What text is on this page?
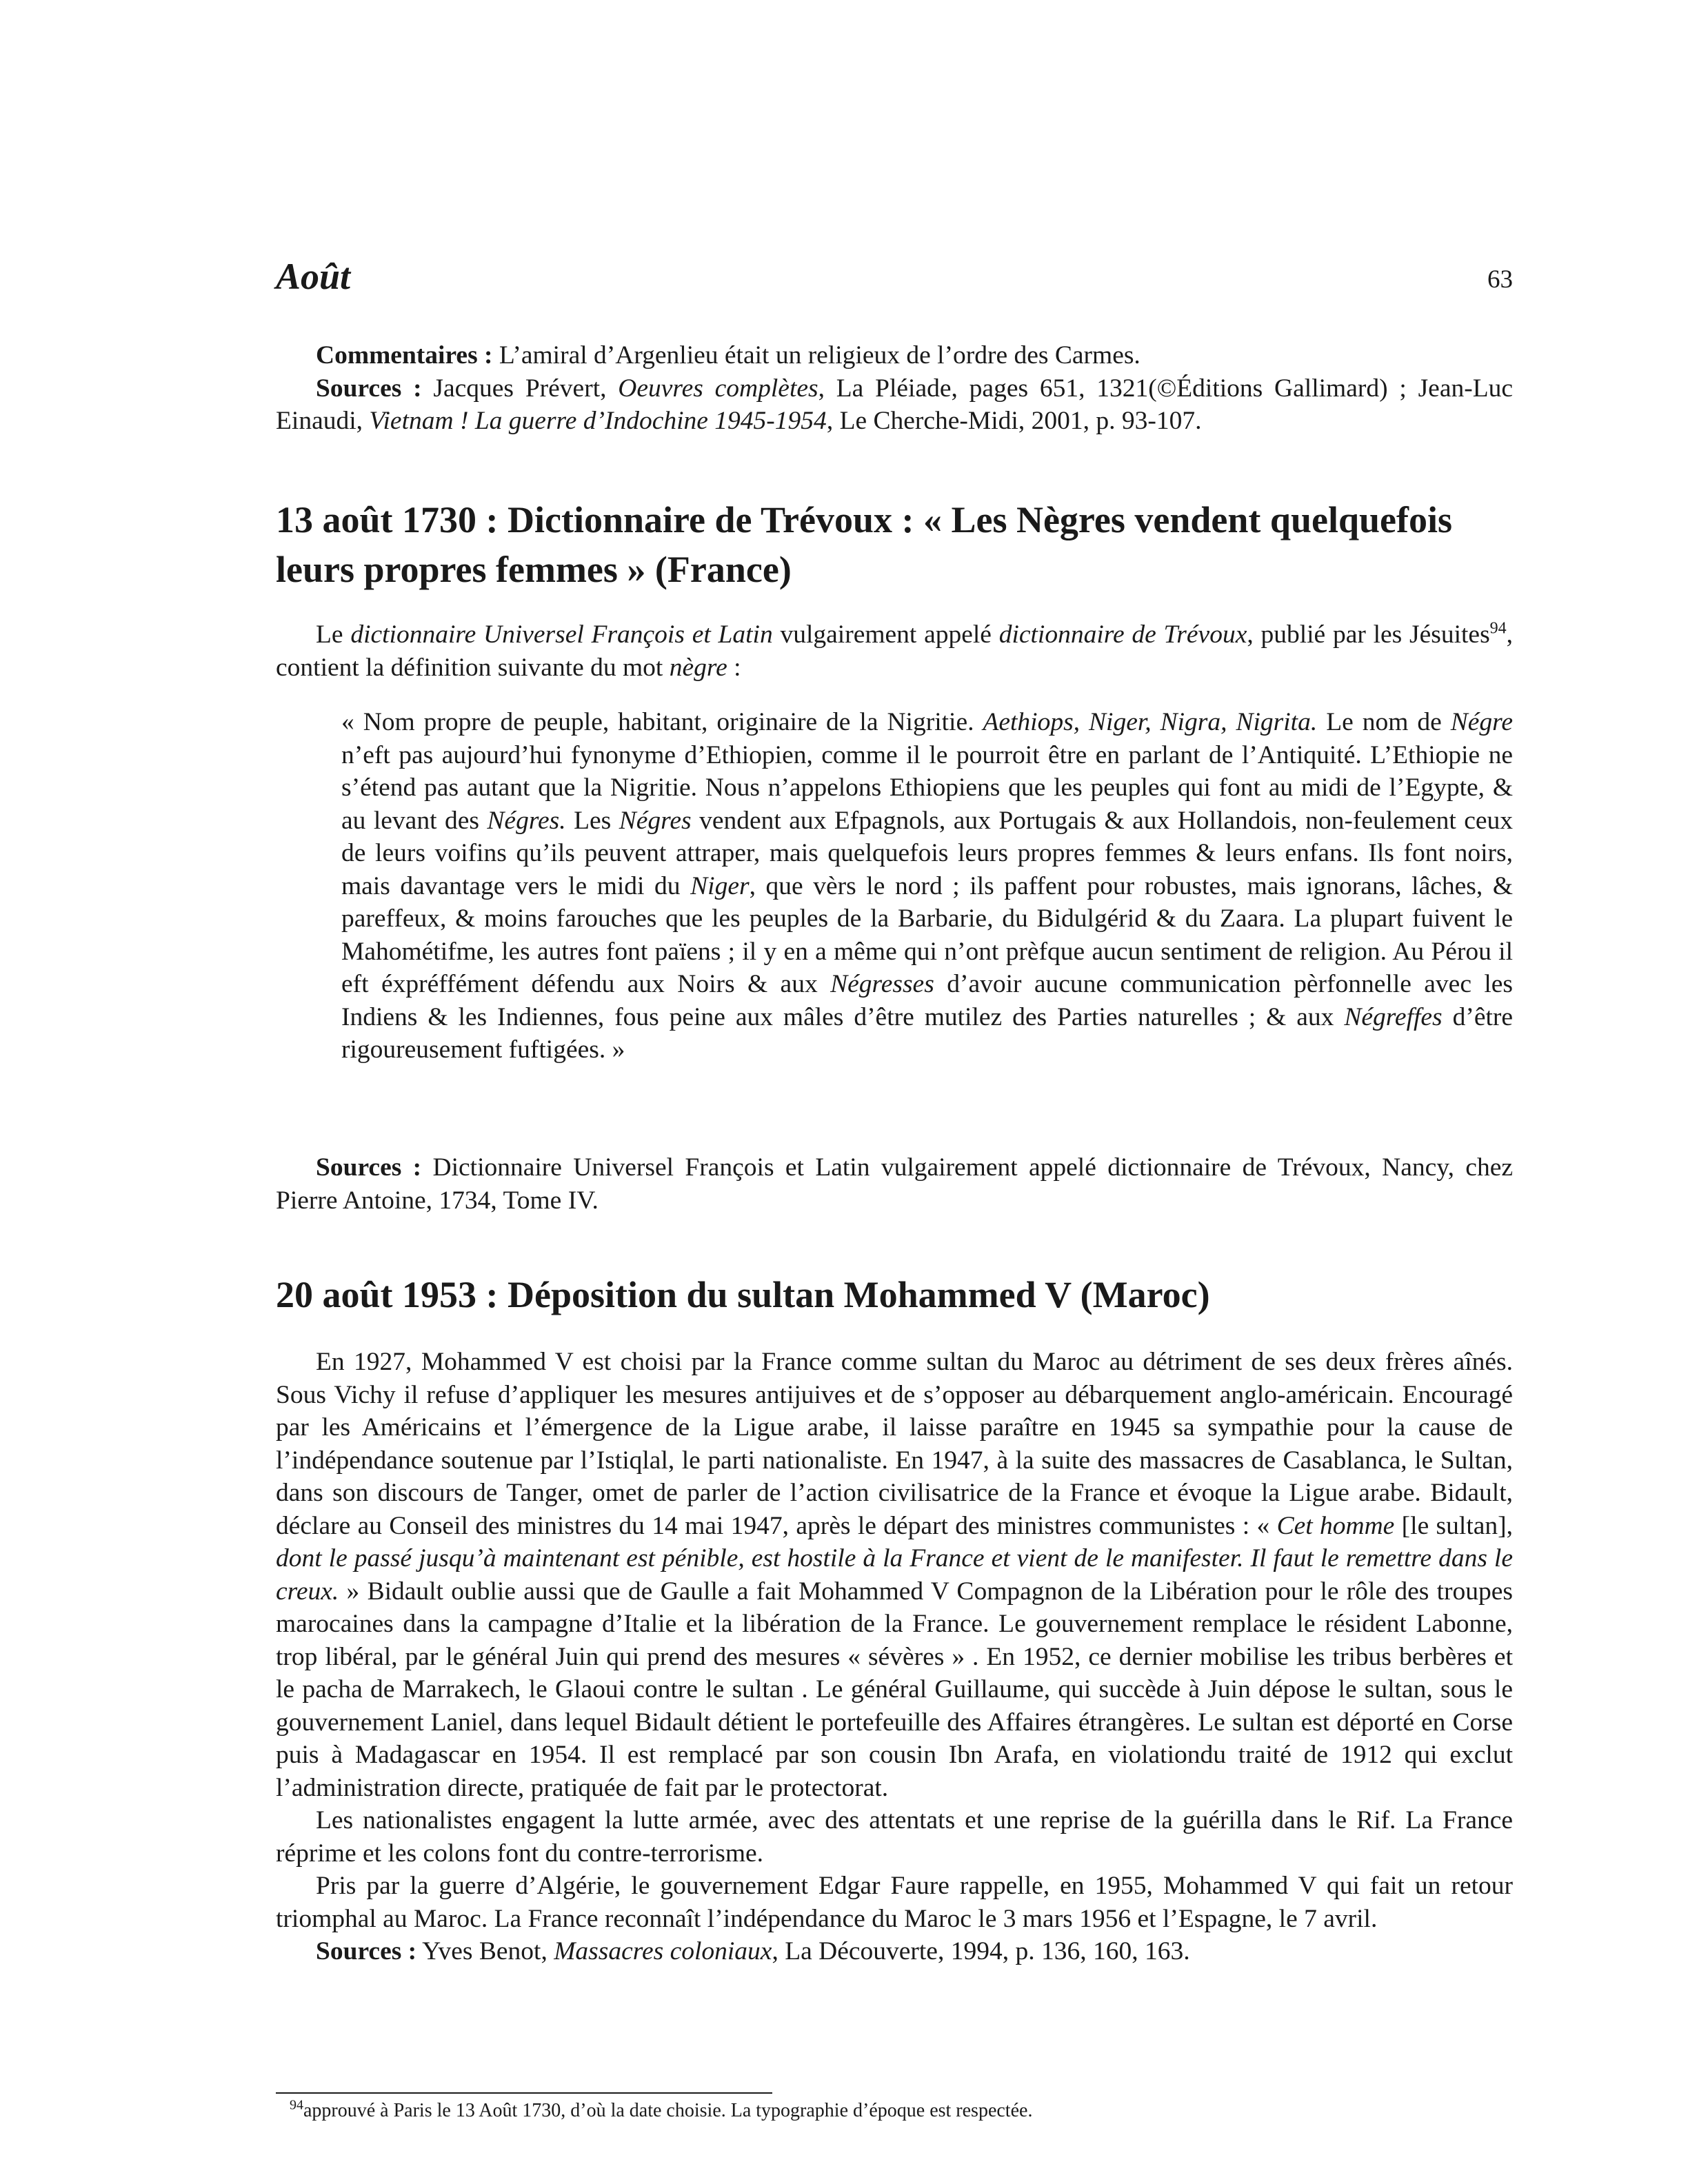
Août	63

Commentaires : L’amiral d’Argenlieu était un religieux de l’ordre des Carmes.

Sources : Jacques Prévert, Oeuvres complètes, La Pléiade, pages 651, 1321(©Éditions Gallimard) ; Jean-Luc Einaudi, Vietnam ! La guerre d’Indochine 1945-1954, Le Cherche-Midi, 2001, p. 93-107.

13 août 1730 : Dictionnaire de Trévoux : « Les Nègres vendent quelquefois leurs propres femmes » (France)

Le dictionnaire Universel François et Latin vulgairement appelé dictionnaire de Trévoux, publié par les Jésuites$^{94}$, contient la définition suivante du mot nègre :

« Nom propre de peuple, habitant, originaire de la Nigritie. Aethiops, Niger, Nigra, Nigrita. Le nom de Négre n’eft pas aujourd’hui fynonyme d’Ethiopien, comme il le pourroit être en parlant de l’Antiquité. L’Ethiopie ne s’étend pas autant que la Nigritie. Nous n’appelons Ethiopiens que les peuples qui font au midi de l’Egypte, & au levant des Négres. Les Négres vendent aux Efpagnols, aux Portugais & aux Hollandois, non-feulement ceux de leurs voifins qu’ils peuvent attraper, mais quelquefois leurs propres femmes & leurs enfans. Ils font noirs, mais davantage vers le midi du Niger, que vèrs le nord ; ils paffent pour robustes, mais ignorans, lâches, & pareffeux, & moins farouches que les peuples de la Barbarie, du Bidulgérid & du Zaara. La plupart fuivent le Mahométifme, les autres font païens ; il y en a même qui n’ont prèfque aucun sentiment de religion. Au Pérou il eft éxpréffément défendu aux Noirs & aux Négresses d’avoir aucune communication pèrfonnelle avec les Indiens & les Indiennes, fous peine aux mâles d’être mutilez des Parties naturelles ; & aux Négreffes d’être rigoureusement fuftigées. »

Sources : Dictionnaire Universel François et Latin vulgairement appelé dictionnaire de Trévoux, Nancy, chez Pierre Antoine, 1734, Tome IV.

20 août 1953 : Déposition du sultan Mohammed V (Maroc)

En 1927, Mohammed V est choisi par la France comme sultan du Maroc au détriment de ses deux frères aînés. Sous Vichy il refuse d’appliquer les mesures antijuives et de s’opposer au débarquement anglo-américain. Encouragé par les Américains et l’émergence de la Ligue arabe, il laisse paraître en 1945 sa sympathie pour la cause de l’indépendance soutenue par l’Istiqlal, le parti nationaliste. En 1947, à la suite des massacres de Casablanca, le Sultan, dans son discours de Tanger, omet de parler de l’action civilisatrice de la France et évoque la Ligue arabe. Bidault, déclare au Conseil des ministres du 14 mai 1947, après le départ des ministres communistes : « Cet homme [le sultan], dont le passé jusqu’à maintenant est pénible, est hostile à la France et vient de le manifester. Il faut le remettre dans le creux. » Bidault oublie aussi que de Gaulle a fait Mohammed V Compagnon de la Libération pour le rôle des troupes marocaines dans la campagne d’Italie et la libération de la France. Le gouvernement remplace le résident Labonne, trop libéral, par le général Juin qui prend des mesures « sévères » . En 1952, ce dernier mobilise les tribus berbères et le pacha de Marrakech, le Glaoui contre le sultan . Le général Guillaume, qui succède à Juin dépose le sultan, sous le gouvernement Laniel, dans lequel Bidault détient le portefeuille des Affaires étrangères. Le sultan est déporté en Corse puis à Madagascar en 1954. Il est remplacé par son cousin Ibn Arafa, en violationdu traité de 1912 qui exclut l’administration directe, pratiquée de fait par le protectorat.

Les nationalistes engagent la lutte armée, avec des attentats et une reprise de la guérilla dans le Rif. La France réprime et les colons font du contre-terrorisme.

Pris par la guerre d’Algérie, le gouvernement Edgar Faure rappelle, en 1955, Mohammed V qui fait un retour triomphal au Maroc. La France reconnaît l’indépendance du Maroc le 3 mars 1956 et l’Espagne, le 7 avril.

Sources : Yves Benot, Massacres coloniaux, La Découverte, 1994, p. 136, 160, 163.

$^{94}$approuvé à Paris le 13 Août 1730, d’où la date choisie. La typographie d’époque est respectée.
